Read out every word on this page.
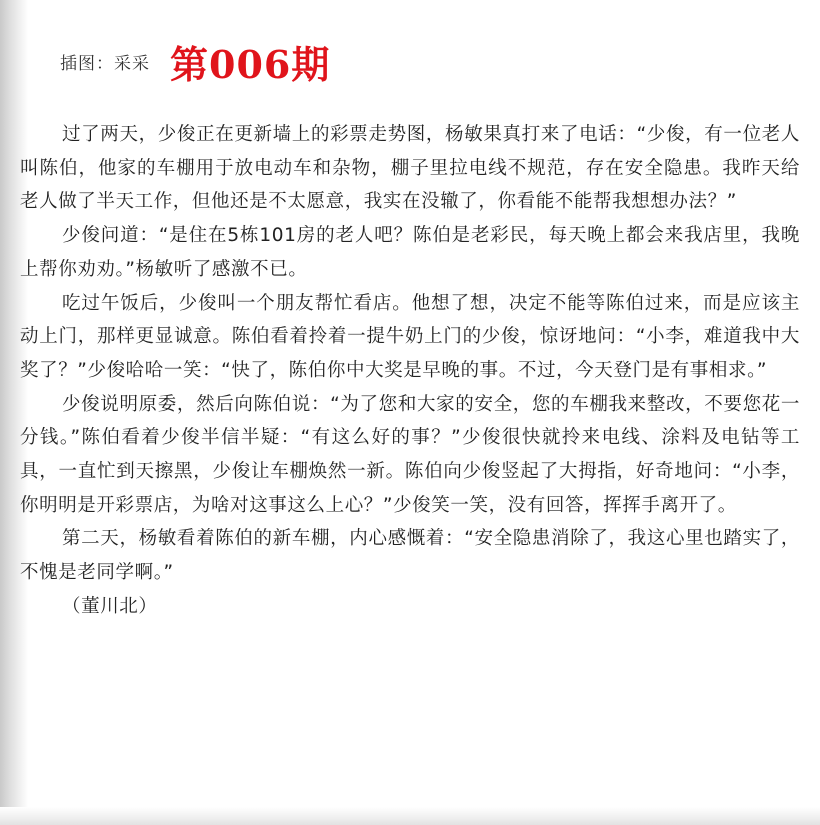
插图：采采 第006期

过了两天，少俊正在更新墙上的彩票走势图，杨敏果真打来了电话：“少俊，有一位老人叫陈伯，他家的车棚用于放电动车和杂物，棚子里拉电线不规范，存在安全隐患。我昨天给老人做了半天工作，但他还是不太愿意，我实在没辙了，你看能不能帮我想想办法？”

少俊问道：“是住在5栋101房的老人吧？陈伯是老彩民，每天晚上都会来我店里，我晚上帮你劝劝。”杨敏听了感激不已。

吃过午饭后，少俊叫一个朋友帮忙看店。他想了想，决定不能等陈伯过来，而是应该主动上门，那样更显诚意。陈伯看着拎着一提牛奶上门的少俊，惊讶地问：“小李，难道我中大奖了？”少俊哈哈一笑：“快了，陈伯你中大奖是早晚的事。不过，今天登门是有事相求。”

少俊说明原委，然后向陈伯说：“为了您和大家的安全，您的车棚我来整改，不要您花一分钱。”陈伯看着少俊半信半疑：“有这么好的事？”少俊很快就拎来电线、涂料及电钻等工具，一直忙到天擦黑，少俊让车棚焕然一新。陈伯向少俊竖起了大拇指，好奇地问：“小李，你明明是开彩票店，为啥对这事这么上心？”少俊笑一笑，没有回答，挥挥手离开了。

第二天，杨敏看着陈伯的新车棚，内心感慨着：“安全隐患消除了，我这心里也踏实了，不愧是老同学啊。”

（董川北）
